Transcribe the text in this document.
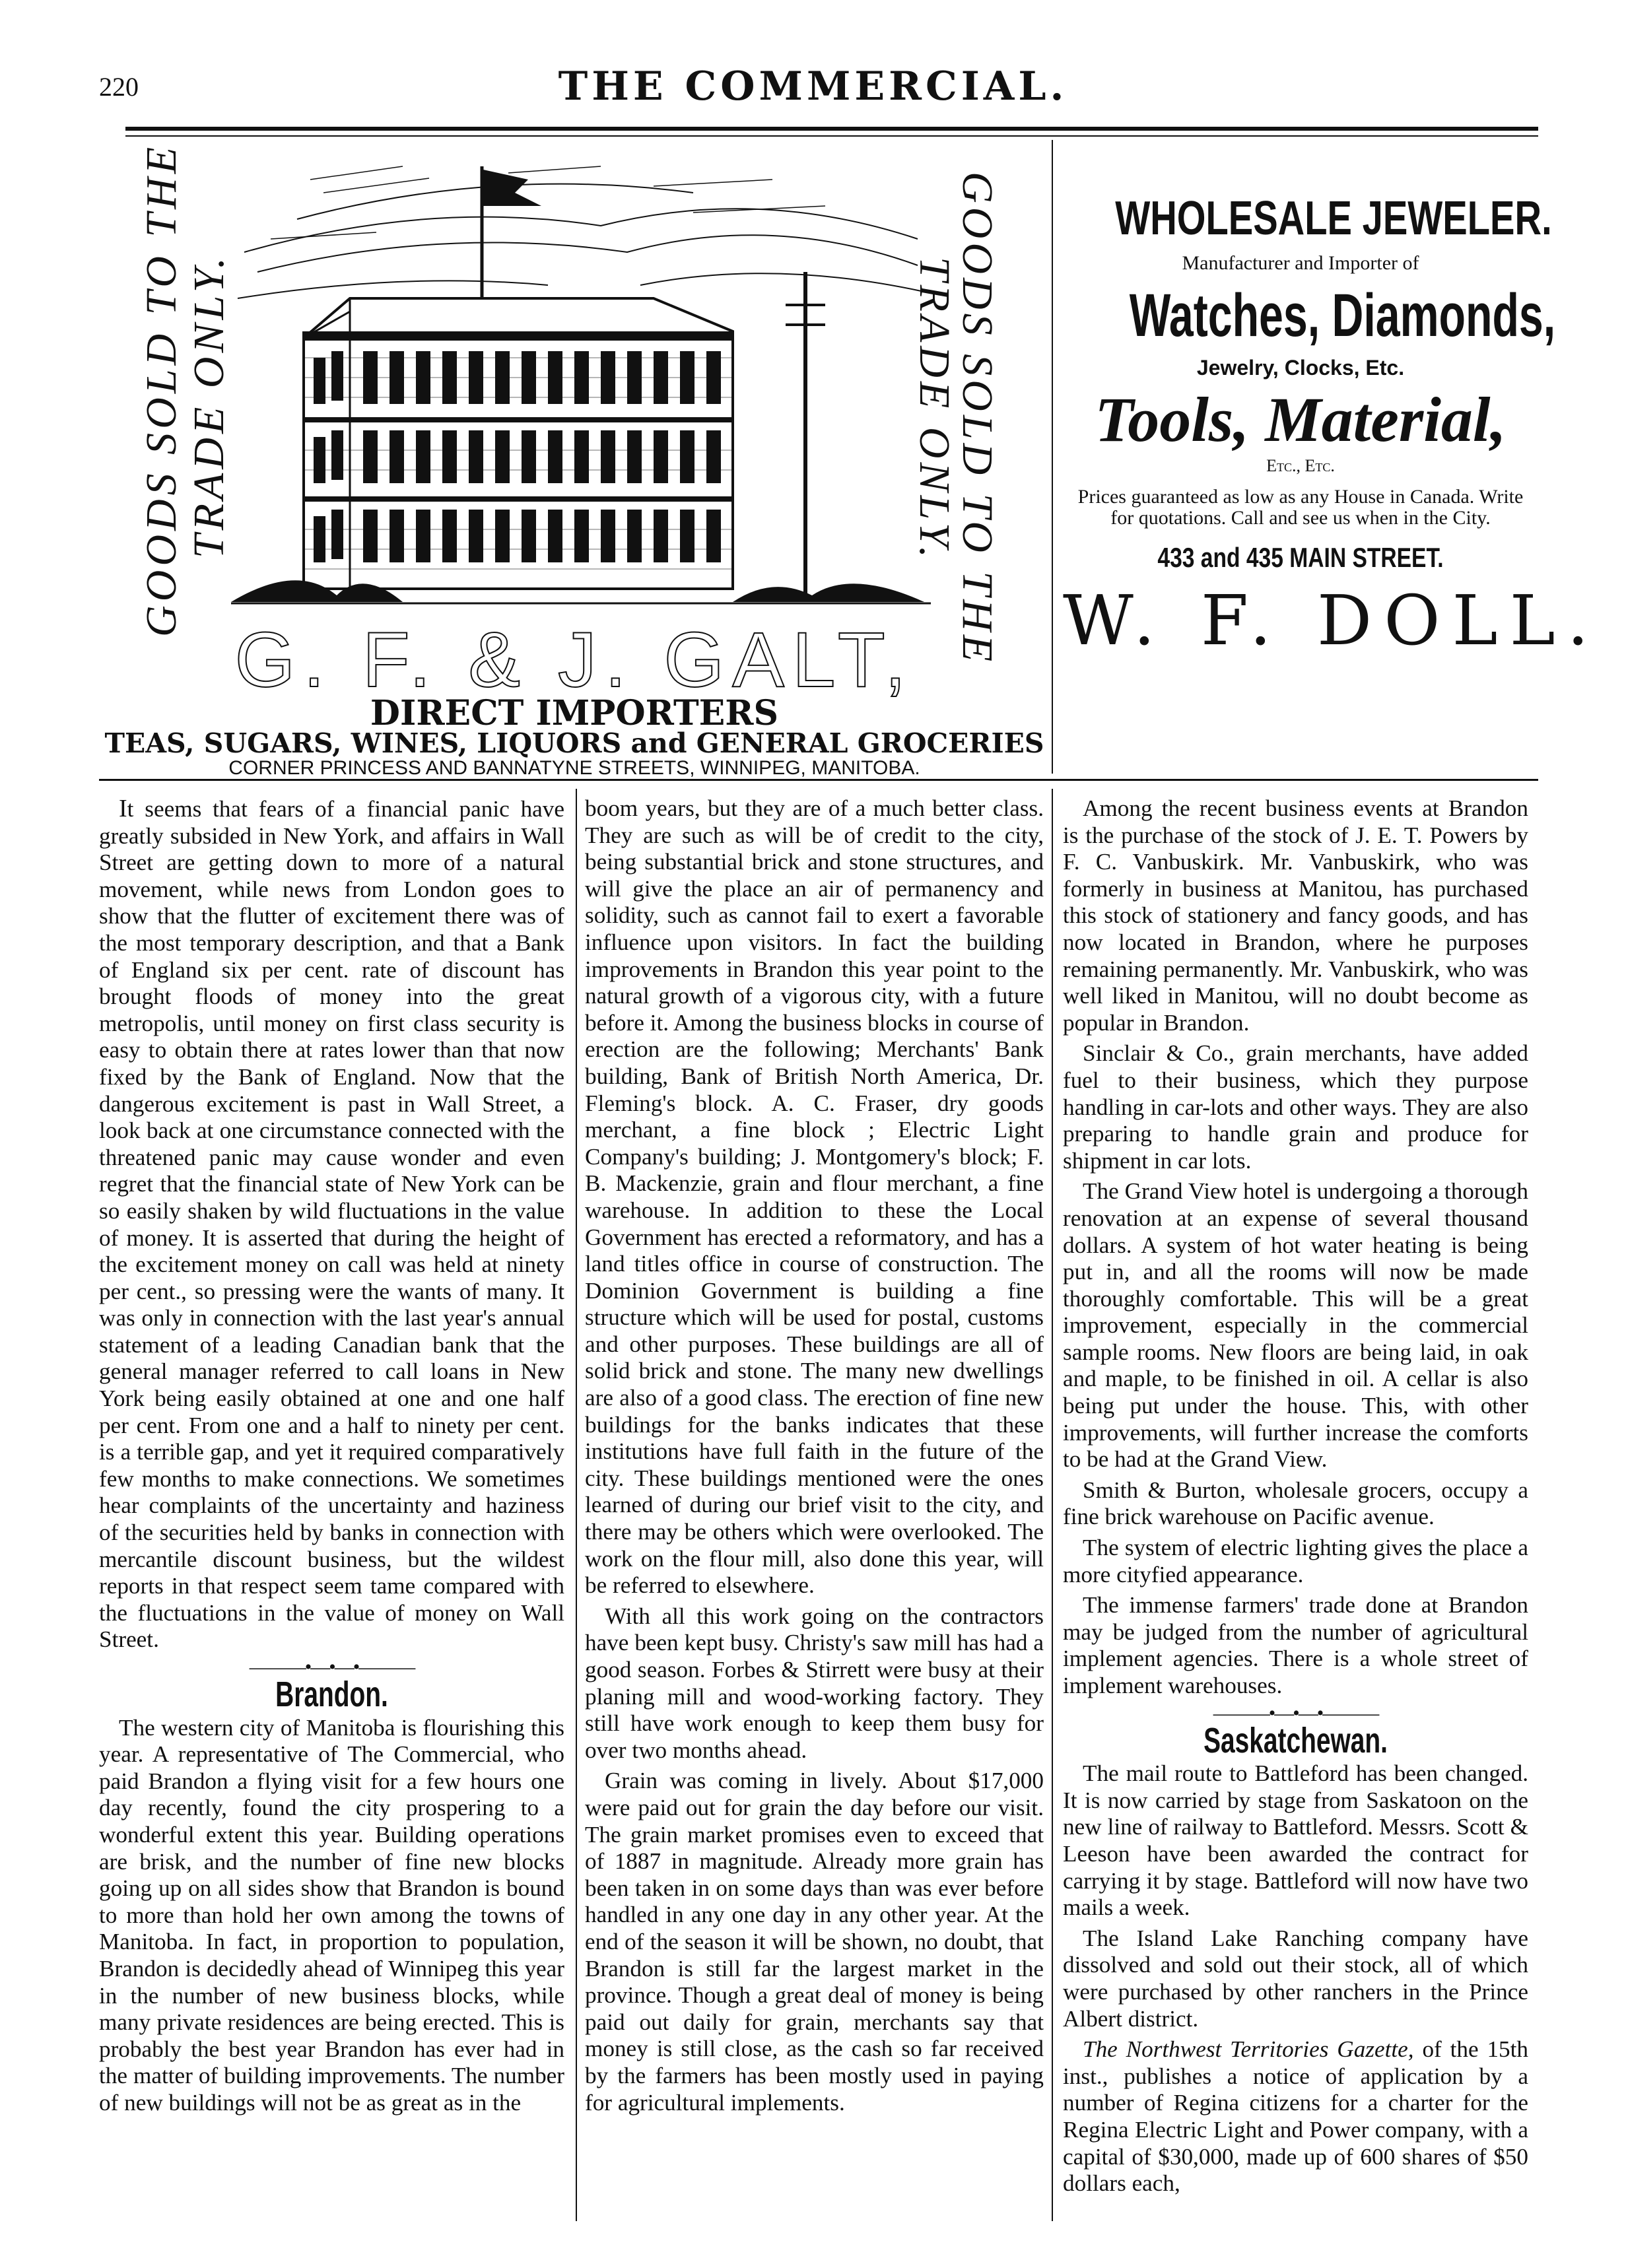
220	THE COMMERCIAL.
GOODS SOLD TO THE TRADE ONLY.	GOODS SOLD TO THE
TRADE ONLY.
G. F. & J. GALT,
DIRECT IMPORTERS
TEAS, SUGARS, WINES, LIQUORS and GENERAL GROCERIES
CORNER PRINCESS AND BANNATYNE STREETS, WINNIPEG, MANITOBA.
WHOLESALE JEWELER.
Manufacturer and Importer of
Watches, Diamonds,
Jewelry, Clocks, Etc.
Tools, Material,
Etc., Etc.
Prices guaranteed as low as any House in Canada. Write for quotations. Call and see us when in the City.
433 and 435 MAIN STREET.
W. F. DOLL.

It seems that fears of a financial panic have greatly subsided in New York, and affairs in Wall Street are getting down to more of a natural movement, while news from London goes to show that the flutter of excitement there was of the most temporary description, and that a Bank of England six per cent. rate of discount has brought floods of money into the great metropolis, until money on first class security is easy to obtain there at rates lower than that now fixed by the Bank of England. Now that the dangerous excitement is past in Wall Street, a look back at one circumstance connected with the threatened panic may cause wonder and even regret that the financial state of New York can be so easily shaken by wild fluctuations in the value of money. It is asserted that during the height of the excitement money on call was held at ninety per cent., so pressing were the wants of many. It was only in connection with the last year's annual statement of a leading Canadian bank that the general manager referred to call loans in New York being easily obtained at one and one half per cent. From one and a half to ninety per cent. is a terrible gap, and yet it required comparatively few months to make connections. We sometimes hear complaints of the uncertainty and haziness of the securities held by banks in connection with mercantile discount business, but the wildest reports in that respect seem tame compared with the fluctuations in the value of money on Wall Street.

———•—•—•———
Brandon.

The western city of Manitoba is flourishing this year. A representative of The Commercial, who paid Brandon a flying visit for a few hours one day recently, found the city prospering to a wonderful extent this year. Building operations are brisk, and the number of fine new blocks going up on all sides show that Brandon is bound to more than hold her own among the towns of Manitoba. In fact, in proportion to population, Brandon is decidedly ahead of Winnipeg this year in the number of new business blocks, while many private residences are being erected. This is probably the best year Brandon has ever had in the matter of building improvements. The number of new buildings will not be as great as in the

boom years, but they are of a much better class. They are such as will be of credit to the city, being substantial brick and stone structures, and will give the place an air of permanency and solidity, such as cannot fail to exert a favorable influence upon visitors. In fact the building improvements in Brandon this year point to the natural growth of a vigorous city, with a future before it. Among the business blocks in course of erection are the following; Merchants' Bank building, Bank of British North America, Dr. Fleming's block. A. C. Fraser, dry goods merchant, a fine block ; Electric Light Company's building; J. Montgomery's block; F. B. Mackenzie, grain and flour merchant, a fine warehouse. In addition to these the Local Government has erected a reformatory, and has a land titles office in course of construction. The Dominion Government is building a fine structure which will be used for postal, customs and other purposes. These buildings are all of solid brick and stone. The many new dwellings are also of a good class. The erection of fine new buildings for the banks indicates that these institutions have full faith in the future of the city. These buildings mentioned were the ones learned of during our brief visit to the city, and there may be others which were overlooked. The work on the flour mill, also done this year, will be referred to elsewhere.

With all this work going on the contractors have been kept busy. Christy's saw mill has had a good season. Forbes & Stirrett were busy at their planing mill and wood-working factory. They still have work enough to keep them busy for over two months ahead.

Grain was coming in lively. About $17,000 were paid out for grain the day before our visit. The grain market promises even to exceed that of 1887 in magnitude. Already more grain has been taken in on some days than was ever before handled in any one day in any other year. At the end of the season it will be shown, no doubt, that Brandon is still far the largest market in the province. Though a great deal of money is being paid out daily for grain, merchants say that money is still close, as the cash so far received by the farmers has been mostly used in paying for agricultural implements.

Among the recent business events at Brandon is the purchase of the stock of J. E. T. Powers by F. C. Vanbuskirk. Mr. Vanbuskirk, who was formerly in business at Manitou, has purchased this stock of stationery and fancy goods, and has now located in Brandon, where he purposes remaining permanently. Mr. Vanbuskirk, who was well liked in Manitou, will no doubt become as popular in Brandon.

Sinclair & Co., grain merchants, have added fuel to their business, which they purpose handling in car-lots and other ways. They are also preparing to handle grain and produce for shipment in car lots.

The Grand View hotel is undergoing a thorough renovation at an expense of several thousand dollars. A system of hot water heating is being put in, and all the rooms will now be made thoroughly comfortable. This will be a great improvement, especially in the commercial sample rooms. New floors are being laid, in oak and maple, to be finished in oil. A cellar is also being put under the house. This, with other improvements, will further increase the comforts to be had at the Grand View.

Smith & Burton, wholesale grocers, occupy a fine brick warehouse on Pacific avenue.

The system of electric lighting gives the place a more cityfied appearance.

The immense farmers' trade done at Brandon may be judged from the number of agricultural implement agencies. There is a whole street of implement warehouses.

———•—•—•———
Saskatchewan.

The mail route to Battleford has been changed. It is now carried by stage from Saskatoon on the new line of railway to Battleford. Messrs. Scott & Leeson have been awarded the contract for carrying it by stage. Battleford will now have two mails a week.

The Island Lake Ranching company have dissolved and sold out their stock, all of which were purchased by other ranchers in the Prince Albert district.

The Northwest Territories Gazette, of the 15th inst., publishes a notice of application by a number of Regina citizens for a charter for the Regina Electric Light and Power company, with a capital of $30,000, made up of 600 shares of $50 dollars each,
